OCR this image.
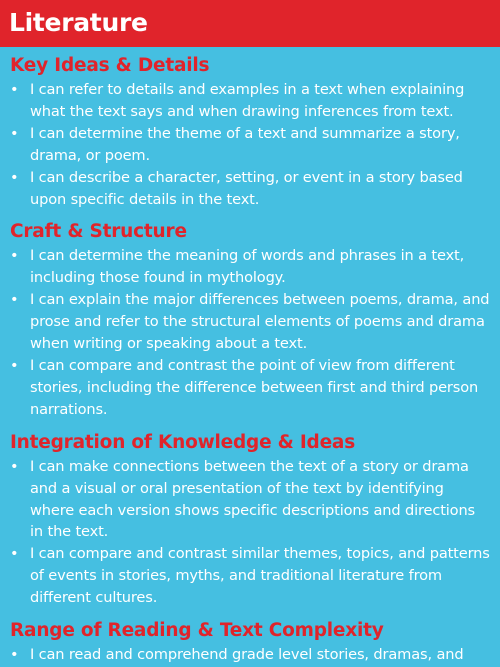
Literature
Key Ideas & Details
• I can refer to details and examples in a text when explaining what the text says and when drawing inferences from text.
• I can determine the theme of a text and summarize a story, drama, or poem.
• I can describe a character, setting, or event in a story based upon specific details in the text.
Craft & Structure
• I can determine the meaning of words and phrases in a text, including those found in mythology.
• I can explain the major differences between poems, drama, and prose and refer to the structural elements of poems and drama when writing or speaking about a text.
• I can compare and contrast the point of view from different stories, including the difference between first and third person narrations.
Integration of Knowledge & Ideas
• I can make connections between the text of a story or drama and a visual or oral presentation of the text by identifying where each version shows specific descriptions and directions in the text.
• I can compare and contrast similar themes, topics, and patterns of events in stories, myths, and traditional literature from different cultures.
Range of Reading & Text Complexity
• I can read and comprehend grade level stories, dramas, and
